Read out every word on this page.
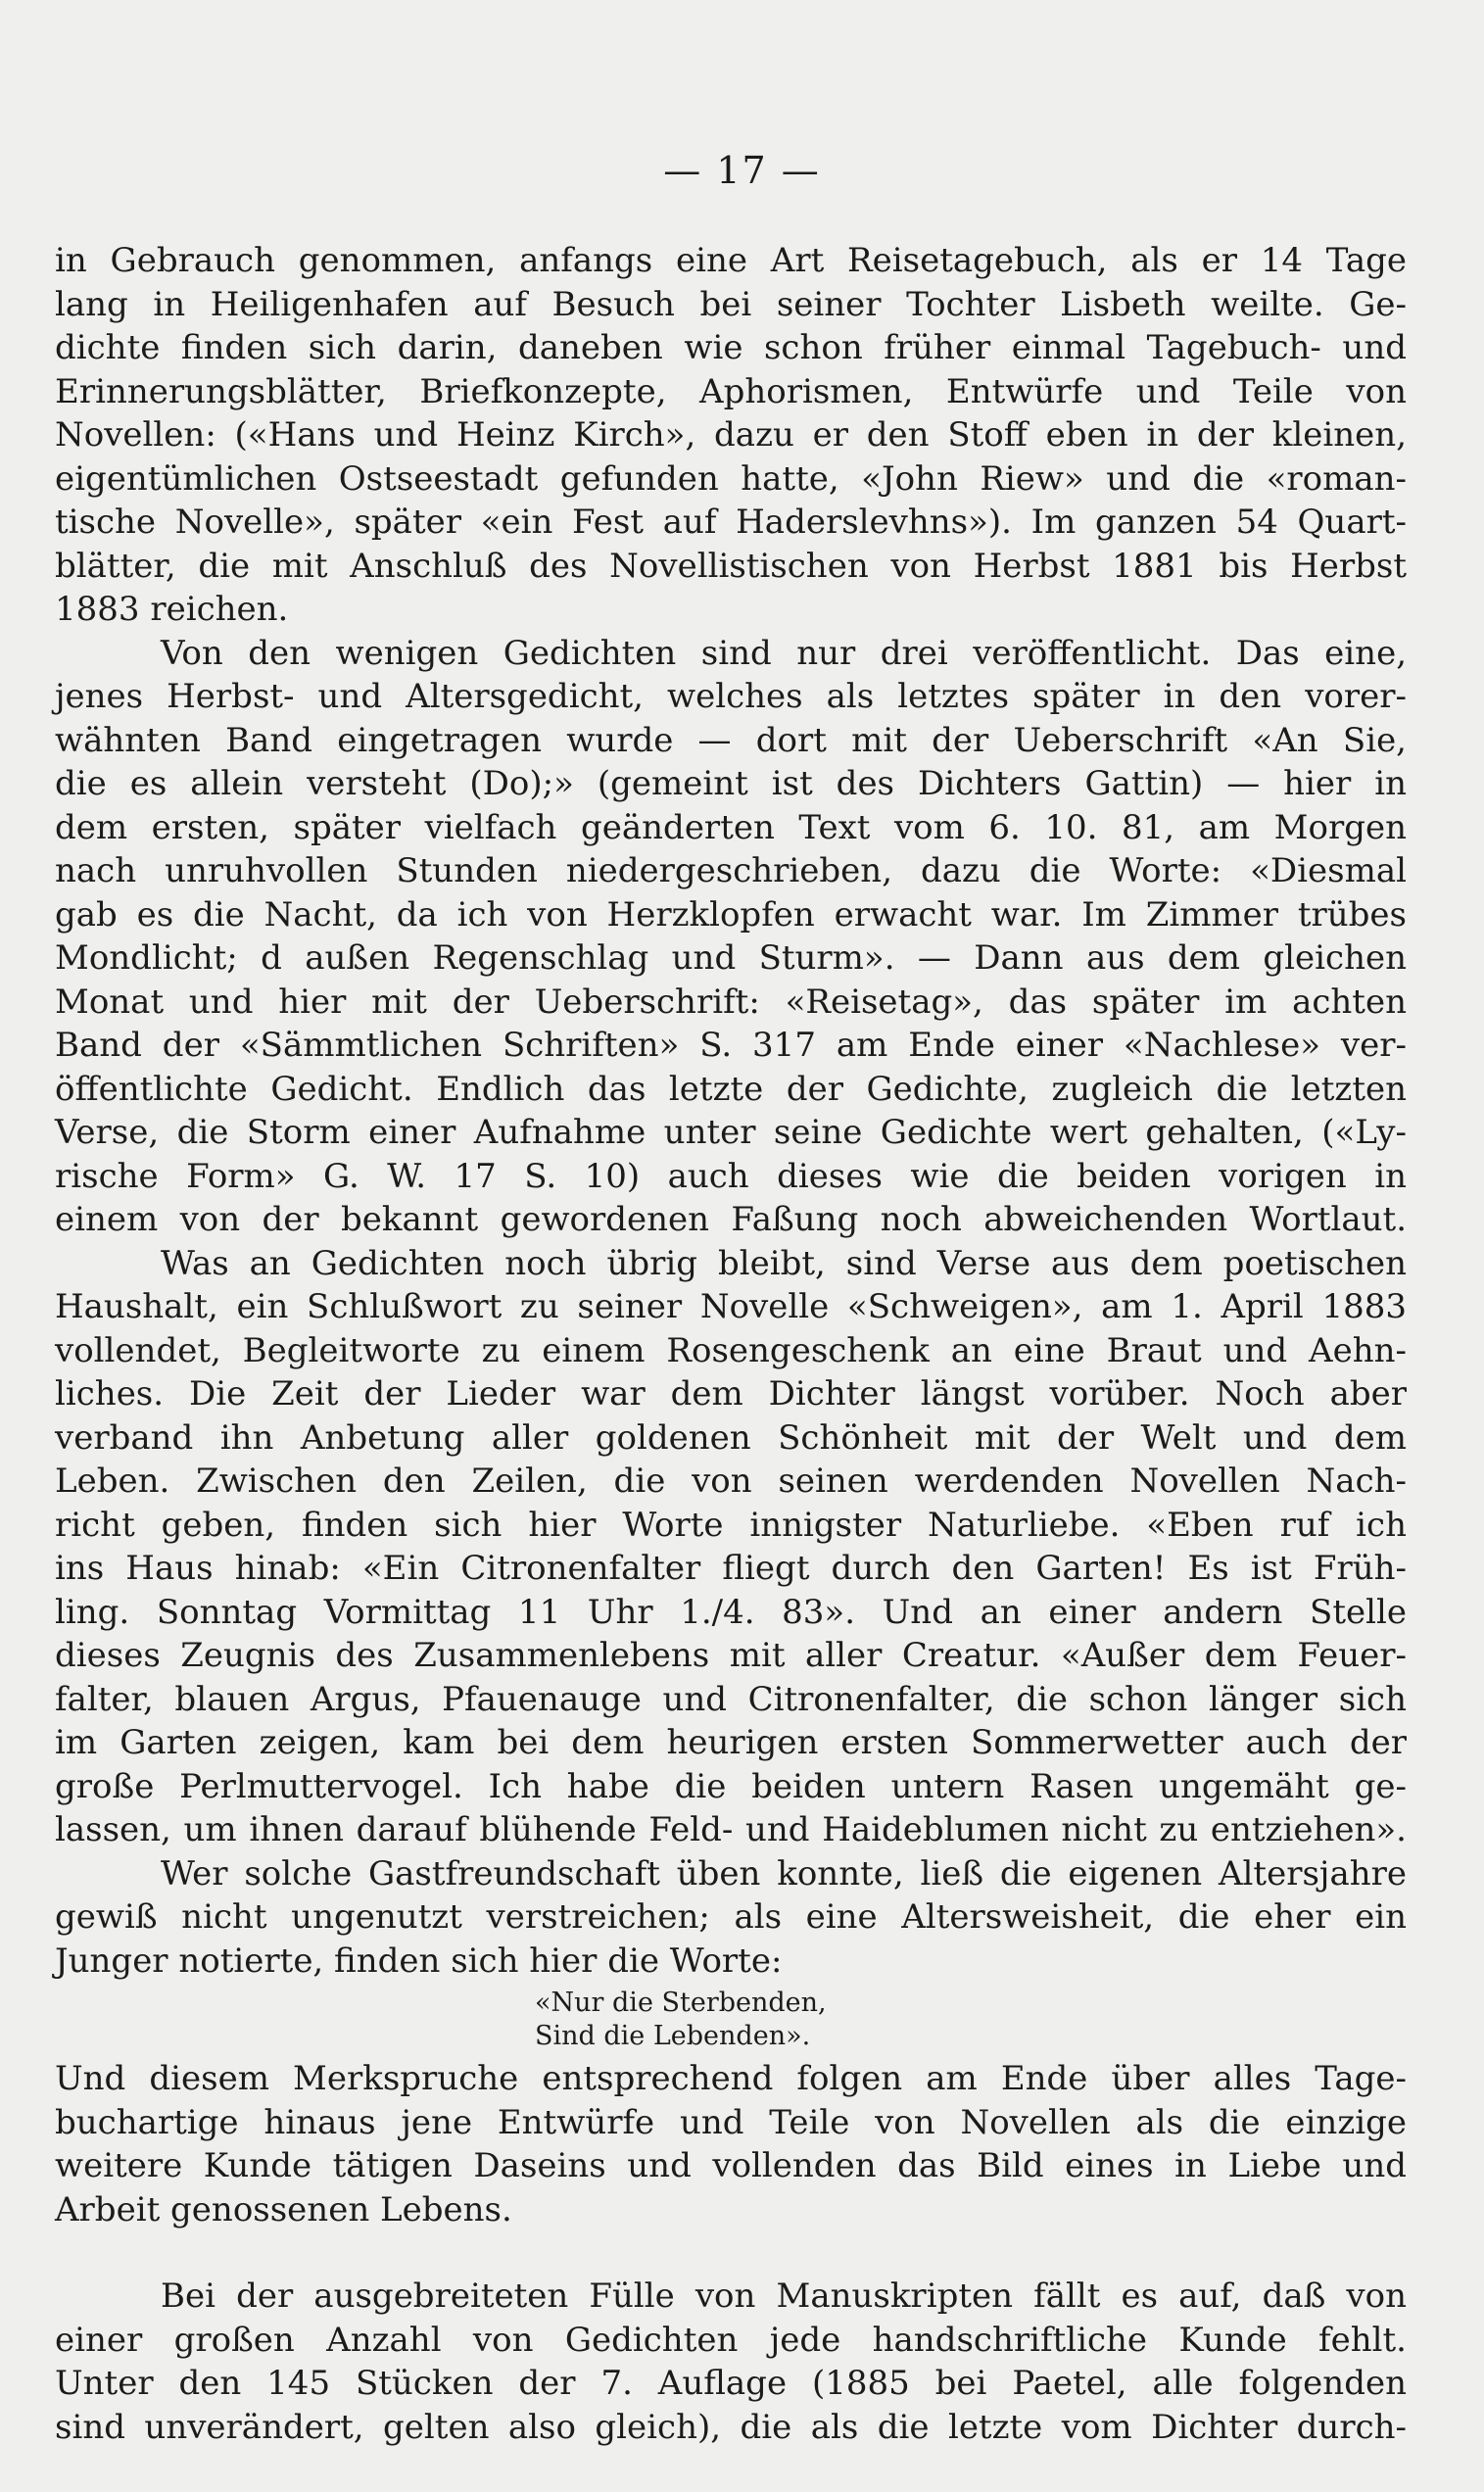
— 17 —
in Gebrauch genommen, anfangs eine Art Reisetagebuch, als er 14 Tage
lang in Heiligenhafen auf Besuch bei seiner Tochter Lisbeth weilte. Ge-
dichte finden sich darin, daneben wie schon früher einmal Tagebuch- und
Erinnerungsblätter, Briefkonzepte, Aphorismen, Entwürfe und Teile von
Novellen: («Hans und Heinz Kirch», dazu er den Stoff eben in der kleinen,
eigentümlichen Ostseestadt gefunden hatte, «John Riew» und die «roman-
tische Novelle», später «ein Fest auf Haderslevhns»). Im ganzen 54 Quart-
blätter, die mit Anschluß des Novellistischen von Herbst 1881 bis Herbst
1883 reichen.
Von den wenigen Gedichten sind nur drei veröffentlicht. Das eine,
jenes Herbst- und Altersgedicht, welches als letztes später in den vorer-
wähnten Band eingetragen wurde — dort mit der Ueberschrift «An Sie,
die es allein versteht (Do);» (gemeint ist des Dichters Gattin) — hier in
dem ersten, später vielfach geänderten Text vom 6. 10. 81, am Morgen
nach unruhvollen Stunden niedergeschrieben, dazu die Worte: «Diesmal
gab es die Nacht, da ich von Herzklopfen erwacht war. Im Zimmer trübes
Mondlicht; d außen Regenschlag und Sturm». — Dann aus dem gleichen
Monat und hier mit der Ueberschrift: «Reisetag», das später im achten
Band der «Sämmtlichen Schriften» S. 317 am Ende einer «Nachlese» ver-
öffentlichte Gedicht. Endlich das letzte der Gedichte, zugleich die letzten
Verse, die Storm einer Aufnahme unter seine Gedichte wert gehalten, («Ly-
rische Form» G. W. 17 S. 10) auch dieses wie die beiden vorigen in
einem von der bekannt gewordenen Faßung noch abweichenden Wortlaut.
Was an Gedichten noch übrig bleibt, sind Verse aus dem poetischen
Haushalt, ein Schlußwort zu seiner Novelle «Schweigen», am 1. April 1883
vollendet, Begleitworte zu einem Rosengeschenk an eine Braut und Aehn-
liches. Die Zeit der Lieder war dem Dichter längst vorüber. Noch aber
verband ihn Anbetung aller goldenen Schönheit mit der Welt und dem
Leben. Zwischen den Zeilen, die von seinen werdenden Novellen Nach-
richt geben, finden sich hier Worte innigster Naturliebe. «Eben ruf ich
ins Haus hinab: «Ein Citronenfalter fliegt durch den Garten! Es ist Früh-
ling. Sonntag Vormittag 11 Uhr 1./4. 83». Und an einer andern Stelle
dieses Zeugnis des Zusammenlebens mit aller Creatur. «Außer dem Feuer-
falter, blauen Argus, Pfauenauge und Citronenfalter, die schon länger sich
im Garten zeigen, kam bei dem heurigen ersten Sommerwetter auch der
große Perlmuttervogel. Ich habe die beiden untern Rasen ungemäht ge-
lassen, um ihnen darauf blühende Feld- und Haideblumen nicht zu entziehen».
Wer solche Gastfreundschaft üben konnte, ließ die eigenen Altersjahre
gewiß nicht ungenutzt verstreichen; als eine Altersweisheit, die eher ein
Junger notierte, finden sich hier die Worte:
«Nur die Sterbenden,
Sind die Lebenden».
Und diesem Merkspruche entsprechend folgen am Ende über alles Tage-
buchartige hinaus jene Entwürfe und Teile von Novellen als die einzige
weitere Kunde tätigen Daseins und vollenden das Bild eines in Liebe und
Arbeit genossenen Lebens.
Bei der ausgebreiteten Fülle von Manuskripten fällt es auf, daß von
einer großen Anzahl von Gedichten jede handschriftliche Kunde fehlt.
Unter den 145 Stücken der 7. Auflage (1885 bei Paetel, alle folgenden
sind unverändert, gelten also gleich), die als die letzte vom Dichter durch-
